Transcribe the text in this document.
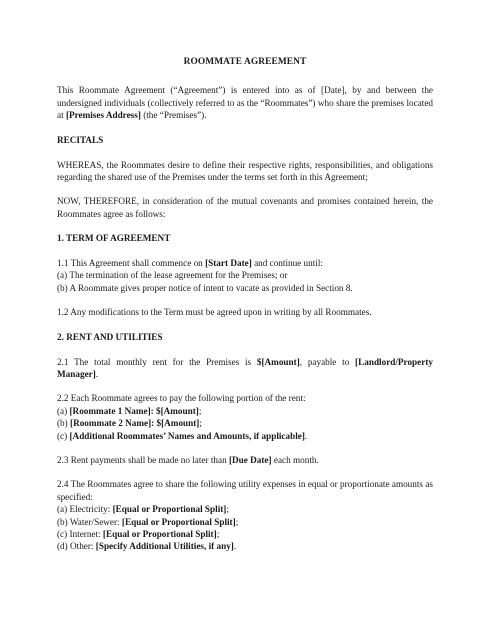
ROOMMATE AGREEMENT
This Roommate Agreement (“Agreement”) is entered into as of [Date], by and between the undersigned individuals (collectively referred to as the “Roommates”) who share the premises located at [Premises Address] (the “Premises”).
RECITALS
WHEREAS, the Roommates desire to define their respective rights, responsibilities, and obligations regarding the shared use of the Premises under the terms set forth in this Agreement;
NOW, THEREFORE, in consideration of the mutual covenants and promises contained herein, the Roommates agree as follows:
1. TERM OF AGREEMENT
1.1 This Agreement shall commence on [Start Date] and continue until:
(a) The termination of the lease agreement for the Premises; or
(b) A Roommate gives proper notice of intent to vacate as provided in Section 8.
1.2 Any modifications to the Term must be agreed upon in writing by all Roommates.
2. RENT AND UTILITIES
2.1 The total monthly rent for the Premises is $[Amount], payable to [Landlord/Property Manager].
2.2 Each Roommate agrees to pay the following portion of the rent:
(a) [Roommate 1 Name]: $[Amount];
(b) [Roommate 2 Name]: $[Amount];
(c) [Additional Roommates’ Names and Amounts, if applicable].
2.3 Rent payments shall be made no later than [Due Date] each month.
2.4 The Roommates agree to share the following utility expenses in equal or proportionate amounts as specified:
(a) Electricity: [Equal or Proportional Split];
(b) Water/Sewer: [Equal or Proportional Split];
(c) Internet: [Equal or Proportional Split];
(d) Other: [Specify Additional Utilities, if any].
